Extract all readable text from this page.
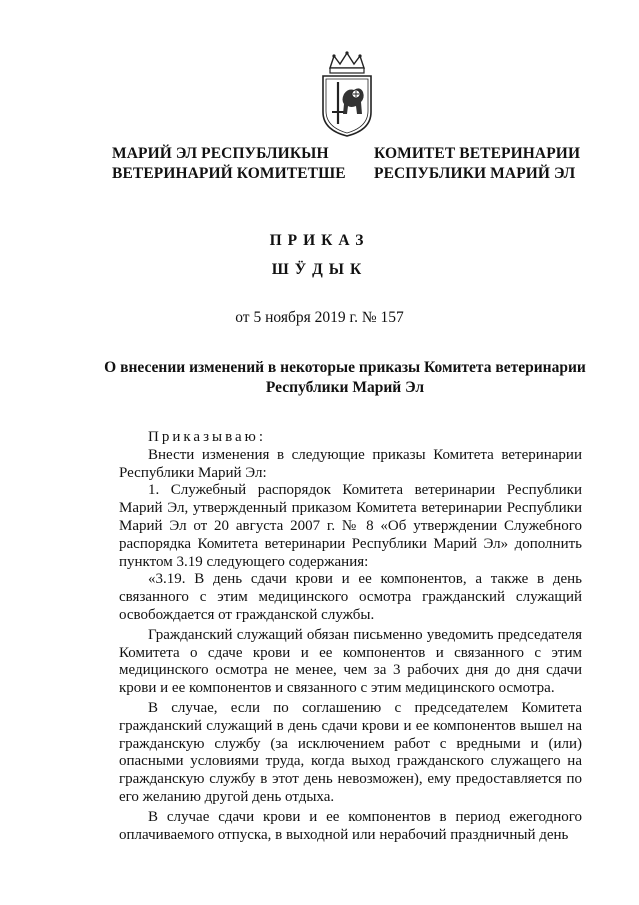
МАРИЙ ЭЛ РЕСПУБЛИКЫН
ВЕТЕРИНАРИЙ КОМИТЕТШЕ
КОМИТЕТ ВЕТЕРИНАРИИ
РЕСПУБЛИКИ МАРИЙ ЭЛ
ПРИКАЗ
ШӰДЫК
от 5 ноября 2019 г. № 157
О внесении изменений в некоторые приказы Комитета ветеринарии Республики Марий Эл

Приказываю:

Внести изменения в следующие приказы Комитета ветеринарии Республики Марий Эл:

1. Служебный распорядок Комитета ветеринарии Республики Марий Эл, утвержденный приказом Комитета ветеринарии Республики Марий Эл от 20 августа 2007 г. № 8 «Об утверждении Служебного распорядка Комитета ветеринарии Республики Марий Эл» дополнить пунктом 3.19 следующего содержания:

«3.19. В день сдачи крови и ее компонентов, а также в день связанного с этим медицинского осмотра гражданский служащий освобождается от гражданской службы.

Гражданский служащий обязан письменно уведомить председателя Комитета о сдаче крови и ее компонентов и связанного с этим медицинского осмотра не менее, чем за 3 рабочих дня до дня сдачи крови и ее компонентов и связанного с этим медицинского осмотра.

В случае, если по соглашению с председателем Комитета гражданский служащий в день сдачи крови и ее компонентов вышел на гражданскую службу (за исключением работ с вредными и (или) опасными условиями труда, когда выход гражданского служащего на гражданскую службу в этот день невозможен), ему предоставляется по его желанию другой день отдыха.

В случае сдачи крови и ее компонентов в период ежегодного оплачиваемого отпуска, в выходной или нерабочий праздничный день
